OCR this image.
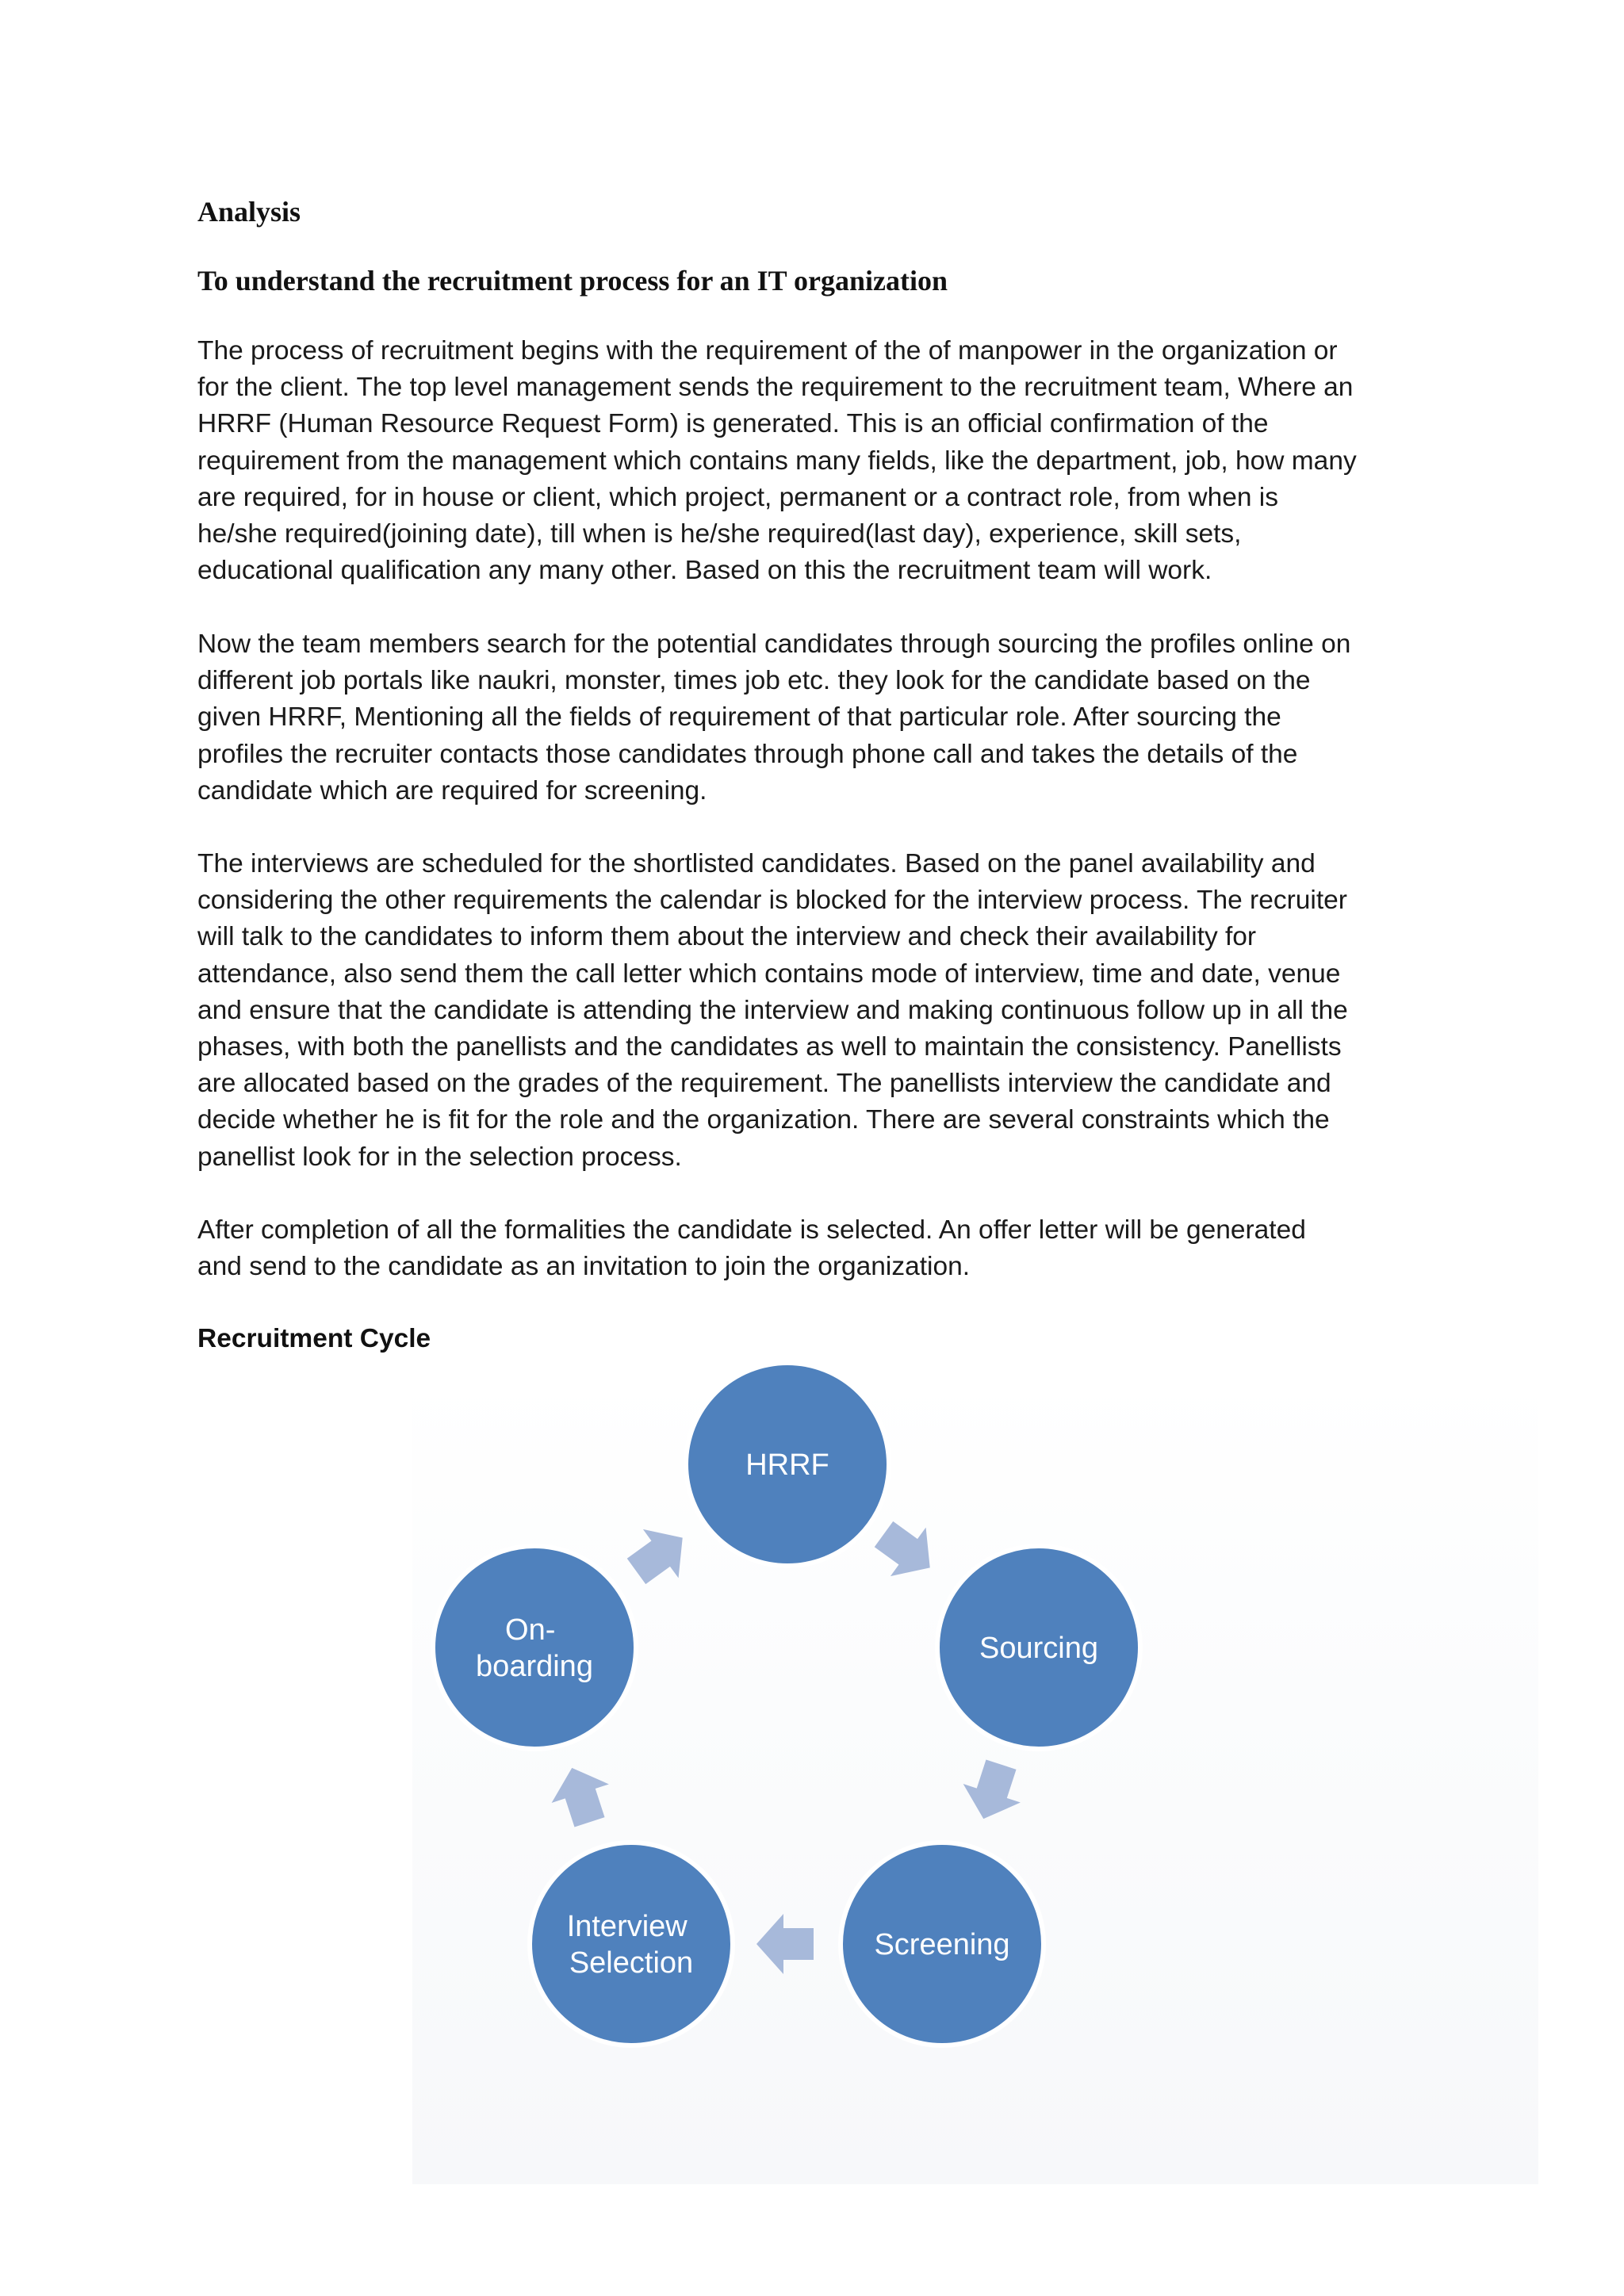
Analysis
To understand the recruitment process for an IT organization
The process of recruitment begins with the requirement of the of manpower in the organization or
for the client. The top level management sends the requirement to the recruitment team, Where an
HRRF (Human Resource Request Form) is generated. This is an official confirmation of the
requirement from the management which contains many fields, like the department, job, how many
are required, for in house or client, which project, permanent or a contract role, from when is
he/she required(joining date), till when is he/she required(last day), experience, skill sets,
educational qualification any many other. Based on this the recruitment team will work.
Now the team members search for the potential candidates through sourcing the profiles online on
different job portals like naukri, monster, times job etc. they look for the candidate based on the
given HRRF, Mentioning all the fields of requirement of that particular role. After sourcing the
profiles the recruiter contacts those candidates through phone call and takes the details of the
candidate which are required for screening.
The interviews are scheduled for the shortlisted candidates. Based on the panel availability and
considering the other requirements the calendar is blocked for the interview process. The recruiter
will talk to the candidates to inform them about the interview and check their availability for
attendance, also send them the call letter which contains mode of interview, time and date, venue
and ensure that the candidate is attending the interview and making continuous follow up in all the
phases, with both the panellists and the candidates as well to maintain the consistency. Panellists
are allocated based on the grades of the requirement. The panellists interview the candidate and
decide whether he is fit for the role and the organization. There are several constraints which the
panellist look for in the selection process.
After completion of all the formalities the candidate is selected. An offer letter will be generated
and send to the candidate as an invitation to join the organization.
Recruitment Cycle
HRRF
Sourcing
Screening
Interview Selection
On- boarding
